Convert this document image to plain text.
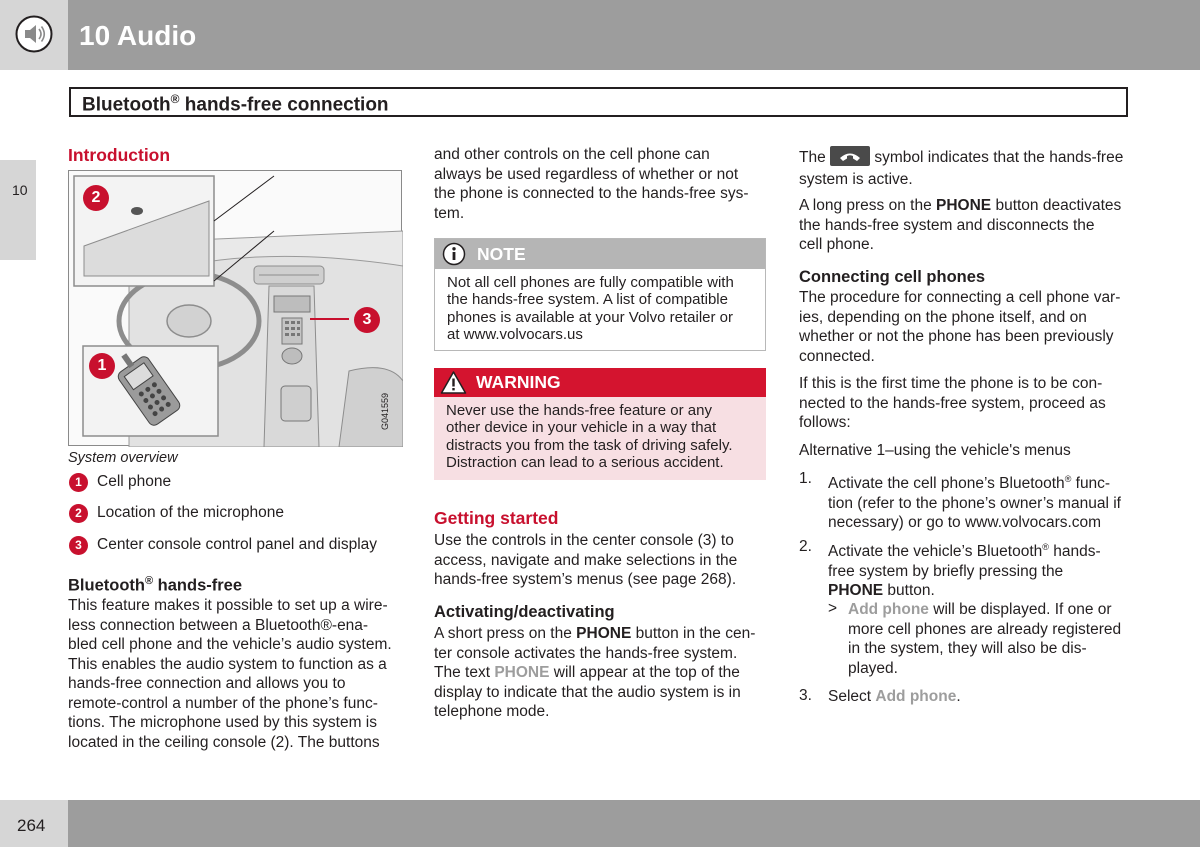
10 Audio
Bluetooth® hands-free connection
10
Introduction
2
3
1
G041559
System overview
1 Cell phone
2 Location of the microphone
3 Center console control panel and display
Bluetooth® hands-free
This feature makes it possible to set up a wire-
less connection between a Bluetooth®-ena-
bled cell phone and the vehicle’s audio system.
This enables the audio system to function as a
hands-free connection and allows you to
remote-control a number of the phone’s func-
tions. The microphone used by this system is
located in the ceiling console (2). The buttons
and other controls on the cell phone can
always be used regardless of whether or not
the phone is connected to the hands-free sys-
tem.
NOTE
Not all cell phones are fully compatible with
the hands-free system. A list of compatible
phones is available at your Volvo retailer or
at www.volvocars.us
WARNING
Never use the hands-free feature or any
other device in your vehicle in a way that
distracts you from the task of driving safely.
Distraction can lead to a serious accident.
Getting started
Use the controls in the center console (3) to
access, navigate and make selections in the
hands-free system’s menus (see page 268).
Activating/deactivating
A short press on the PHONE button in the cen-
ter console activates the hands-free system.
The text PHONE will appear at the top of the
display to indicate that the audio system is in
telephone mode.
The	symbol indicates that the hands-free
system is active.
A long press on the PHONE button deactivates
the hands-free system and disconnects the
cell phone.
Connecting cell phones
The procedure for connecting a cell phone var-
ies, depending on the phone itself, and on
whether or not the phone has been previously
connected.
If this is the first time the phone is to be con-
nected to the hands-free system, proceed as
follows:
Alternative 1–using the vehicle's menus
1. Activate the cell phone’s Bluetooth® func-
tion (refer to the phone’s owner’s manual if
necessary) or go to www.volvocars.com
2. Activate the vehicle’s Bluetooth® hands-
free system by briefly pressing the
PHONE button.
> Add phone will be displayed. If one or
more cell phones are already registered
in the system, they will also be dis-
played.
3. Select Add phone.
264
